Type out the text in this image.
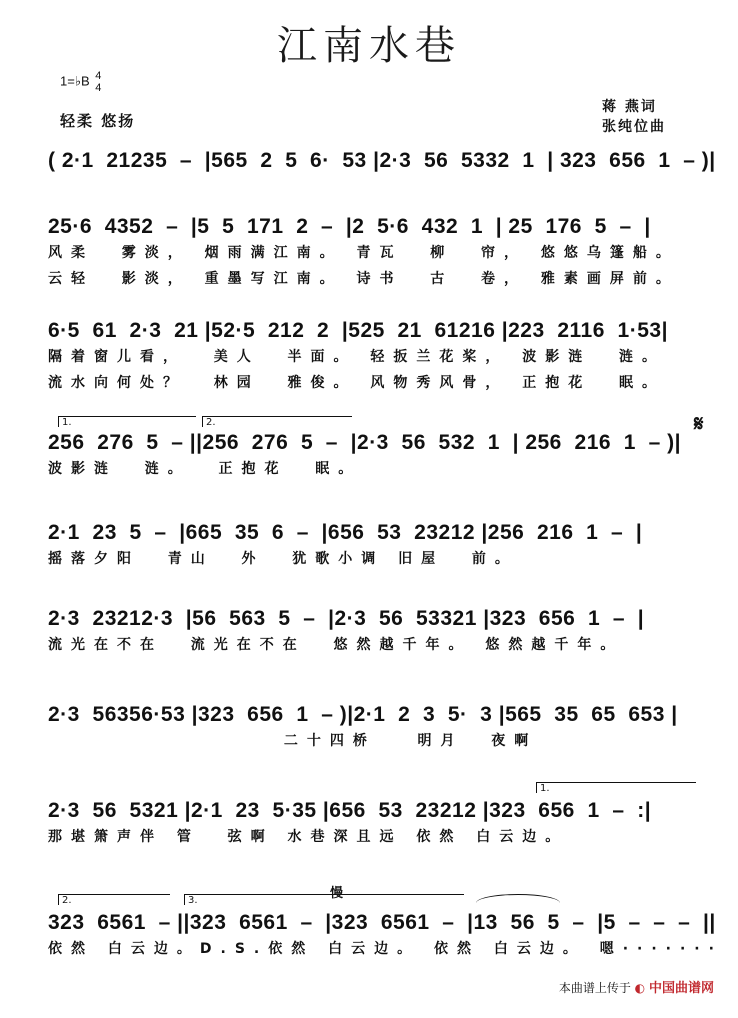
江南水巷
1=♭B 4
4
轻柔 悠扬
蒋 燕词
张纯位曲
( 2·1  21235  –  |565  2  5  6·  53 |2·3  56  5332  1  | 323  656  1  – )|
25·6  4352  –  |5  5  171  2  –  |2  5·6  432  1  | 25  176  5  –  |
风柔  雾淡， 烟雨满江南。 青瓦  柳  帘， 悠悠乌篷船。
云轻  影淡， 重墨写江南。 诗书  古  卷， 雅素画屏前。
6·5  61  2·3  21 |52·5  212  2  |525  21  61216 |223  2116  1·53|
隔着窗儿看，  美人  半面。 轻扳兰花桨， 波影涟  涟。
流水向何处？  林园  雅俊。 风物秀风骨， 正抱花  眠。
1.	2.	𝄋
256  276  5  – ||256  276  5  –  |2·3  56  532  1  | 256  216  1  – )|
波影涟  涟。  正抱花  眠。
2·1  23  5  –  |665  35  6  –  |656  53  23212 |256  216  1  –  |
摇落夕阳  青山  外  犹歌小调 旧屋  前。
2·3  23212·3  |56  563  5  –  |2·3  56  53321 |323  656  1  –  |
流光在不在  流光在不在  悠然越千年。 悠然越千年。
2·3  56356·53 |323  656  1  – )|2·1  2  3  5·  3 |565  35  65  653 |
二十四桥   明月  夜啊
1.
2·3  56  5321 |2·1  23  5·35 |656  53  23212 |323  656  1  –  :|
那堪箫声伴 管  弦啊 水巷深且远 依然 白云边。
2.	3.	慢
323  6561  – ||323  6561  –  |323  6561  –  |13  56  5  –  |5  –  –  –  ||
依然 白云边。D.S.依然 白云边。 依然 白云边。 嗯·······
本曲谱上传于 ◐ 中国曲谱网
